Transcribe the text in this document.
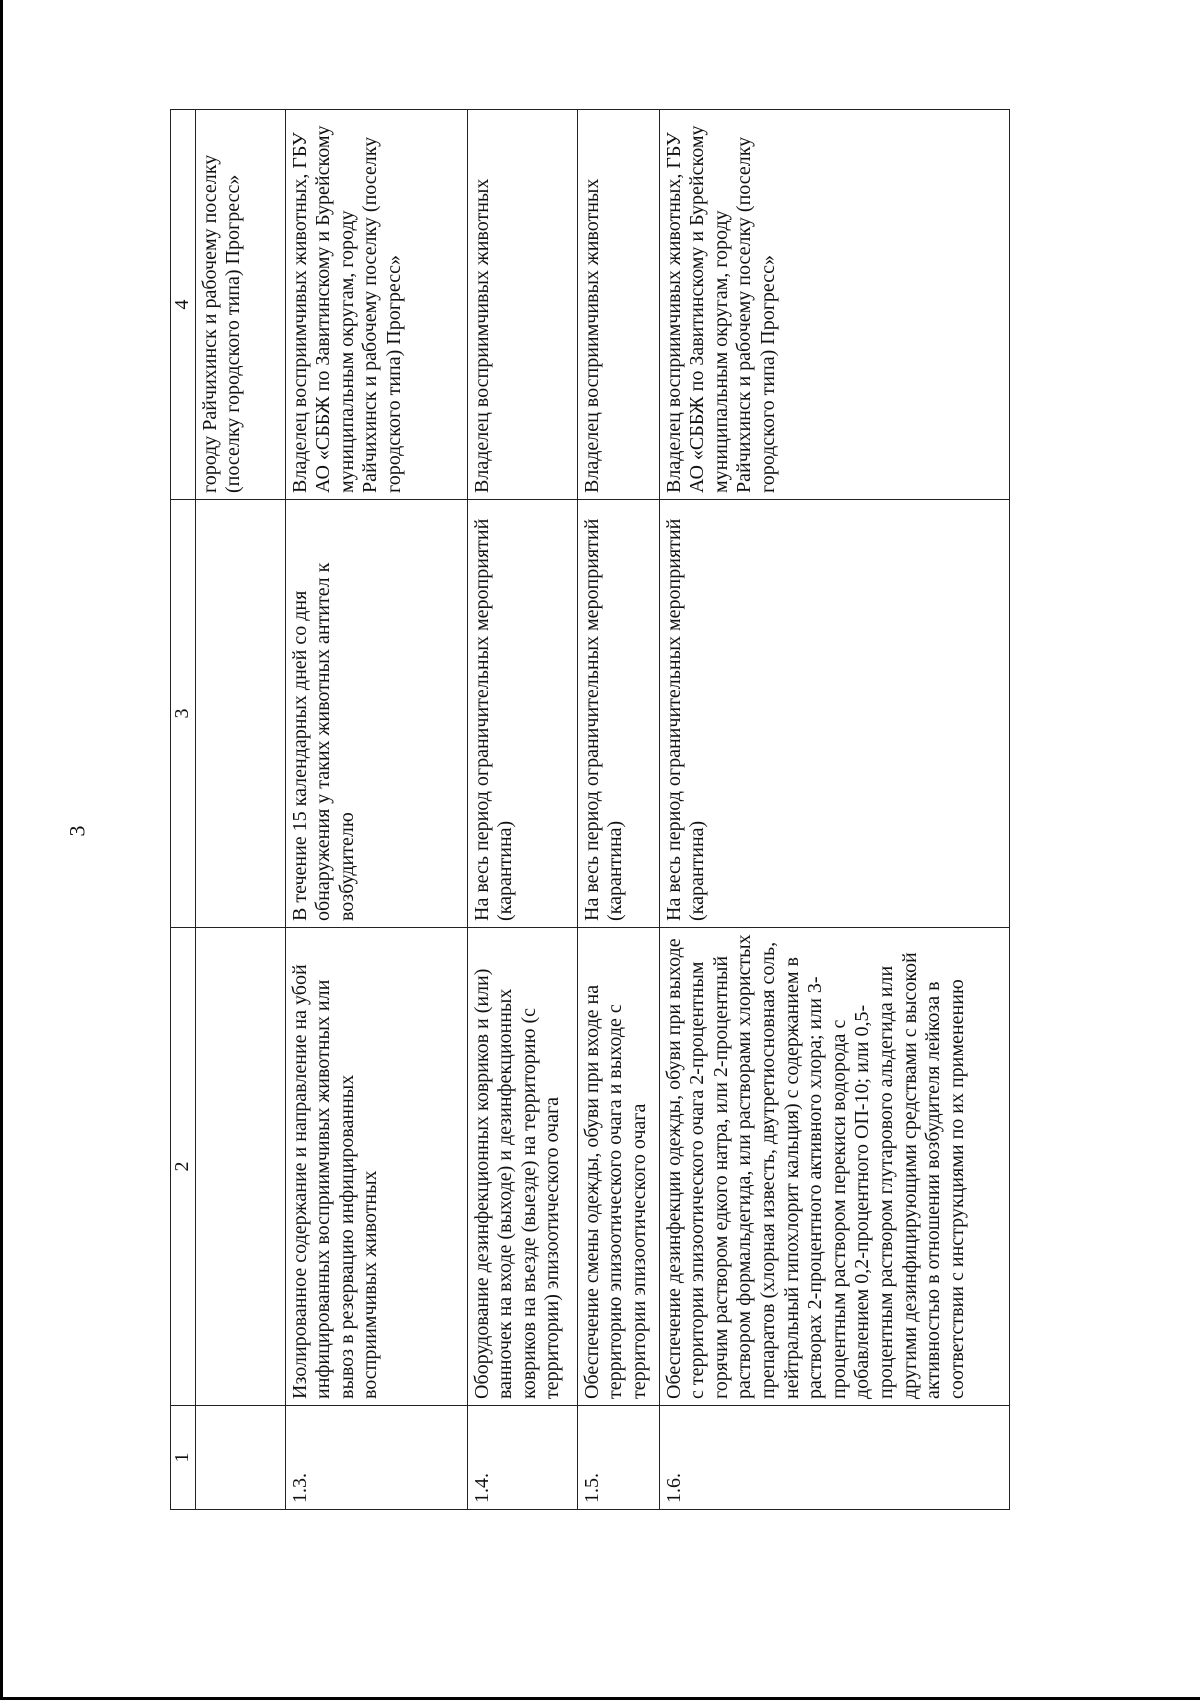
3
1	2	3	4
			городу Райчихинск и рабочему поселку (поселку городского типа) Прогресс»
1.3.	Изолированное содержание и направление на убой инфицированных восприимчивых животных или вывоз в резервацию инфицированных восприимчивых животных	В течение 15 календарных дней со дня обнаружения у таких животных антител к возбудителю	Владелец восприимчивых животных, ГБУ АО «СББЖ по Завитинскому и Бурейскому муниципальным округам, городу Райчихинск и рабочему поселку (поселку городского типа) Прогресс»
1.4.	Оборудование дезинфекционных ковриков и (или) ванночек на входе (выходе) и дезинфекционных ковриков на въезде (выезде) на территорию (с территории) эпизоотического очага	На весь период ограничительных мероприятий (карантина)	Владелец восприимчивых животных
1.5.	Обеспечение смены одежды, обуви при входе на территорию эпизоотического очага и выходе с территории эпизоотического очага	На весь период ограничительных мероприятий (карантина)	Владелец восприимчивых животных
1.6.	Обеспечение дезинфекции одежды, обуви при выходе с территории эпизоотического очага 2-процентным горячим раствором едкого натра, или 2-процентный раствором формальдегида, или растворами хлористых препаратов (хлорная известь, двутретиосновная соль, нейтральный гипохлорит кальция) с содержанием в растворах 2-процентного активного хлора; или 3-процентным раствором перекиси водорода с добавлением 0,2-процентного ОП-10; или 0,5-процентным раствором глутарового альдегида или другими дезинфицирующими средствами с высокой активностью в отношении возбудителя лейкоза в соответствии с инструкциями по их применению	На весь период ограничительных мероприятий (карантина)	Владелец восприимчивых животных, ГБУ АО «СББЖ по Завитинскому и Бурейскому муниципальным округам, городу Райчихинск и рабочему поселку (поселку городского типа) Прогресс»
